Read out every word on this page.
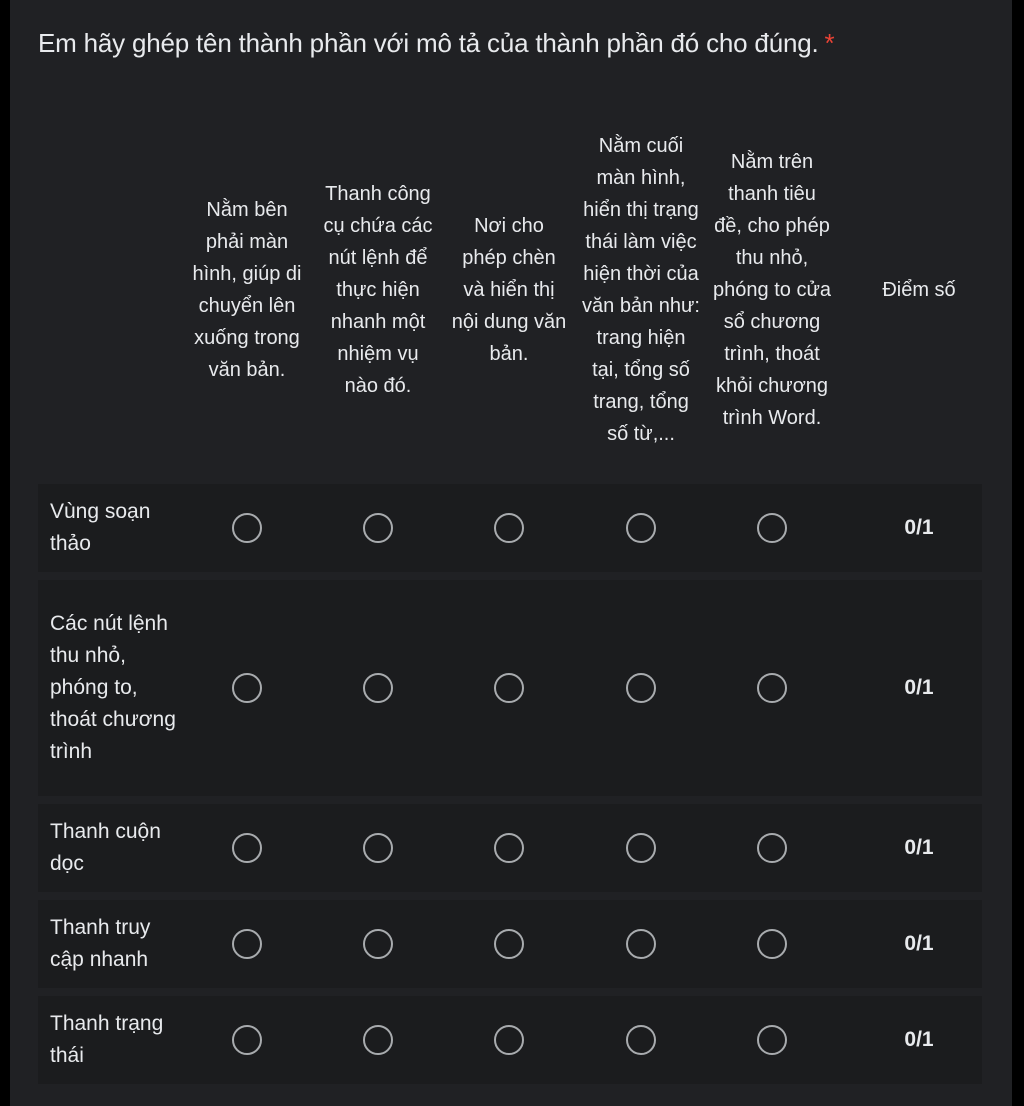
Em hãy ghép tên thành phần với mô tả của thành phần đó cho đúng. *
Nằm bên phải màn hình, giúp di chuyển lên xuống trong văn bản.
Thanh công cụ chứa các nút lệnh để thực hiện nhanh một nhiệm vụ nào đó.
Nơi cho phép chèn và hiển thị nội dung văn bản.
Nằm cuối màn hình, hiển thị trạng thái làm việc hiện thời của văn bản như: trang hiện tại, tổng số trang, tổng số từ,...
Nằm trên thanh tiêu đề, cho phép thu nhỏ, phóng to cửa sổ chương trình, thoát khỏi chương trình Word.
Điểm số
Vùng soạn thảo
0/1
Các nút lệnh thu nhỏ, phóng to, thoát chương trình
0/1
Thanh cuộn dọc
0/1
Thanh truy cập nhanh
0/1
Thanh trạng thái
0/1
